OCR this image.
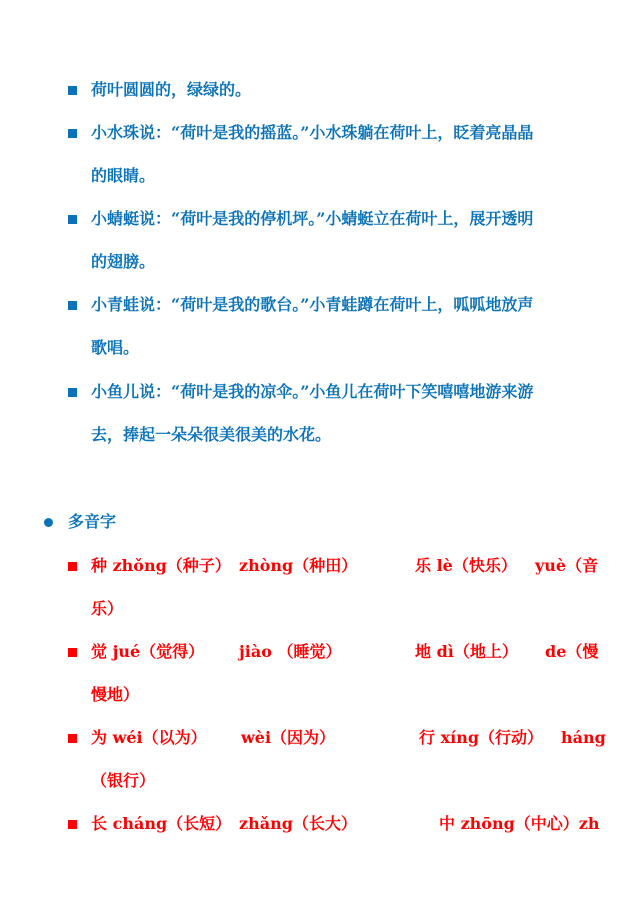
荷叶圆圆的，绿绿的。
小水珠说：“荷叶是我的摇蓝。”小水珠躺在荷叶上，眨着亮晶晶
的眼睛。
小蜻蜓说：“荷叶是我的停机坪。”小蜻蜓立在荷叶上，展开透明
的翅膀。
小青蛙说：“荷叶是我的歌台。”小青蛙蹲在荷叶上，呱呱地放声
歌唱。
小鱼儿说：“荷叶是我的凉伞。”小鱼儿在荷叶下笑嘻嘻地游来游
去，捧起一朵朵很美很美的水花。
多音字
种 zhǒng（种子） zhòng（种田）	乐 lè（快乐） yuè（音
乐）
觉 jué（觉得） jiào （睡觉）	地 dì（地上） de（慢
慢地）
为 wéi（以为） wèi（因为）	行 xíng（行动） háng
（银行）
长 cháng（长短） zhǎng（长大）	中 zhōng（中心）zh
